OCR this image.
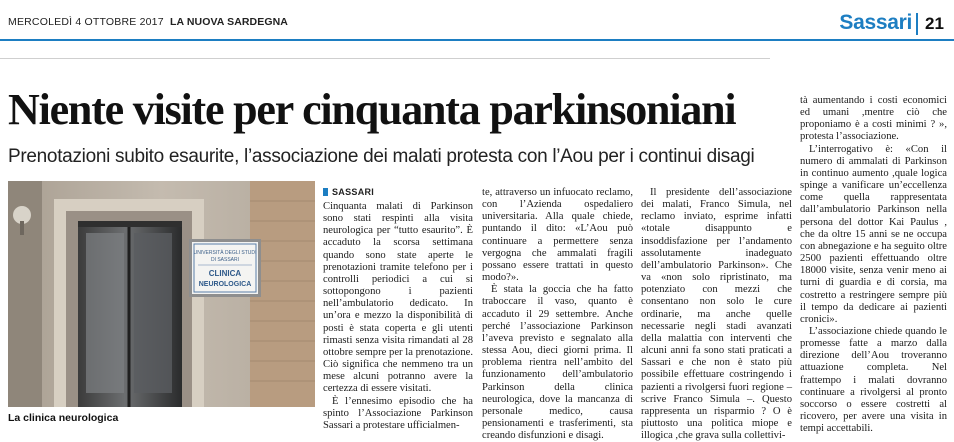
MERCOLEDÌ 4 OTTOBRE 2017 LA NUOVA SARDEGNA	Sassari 21
Niente visite per cinquanta parkinsoniani
Prenotazioni subito esaurite, l’associazione dei malati protesta con l’Aou per i continui disagi
UNIVERSITÀ DEGLI STUDI
DI SASSARI
CLINICA
NEUROLOGICA
La clinica neurologica
SASSARI

Cinquanta malati di Parkinson sono stati respinti alla visita neurologica per “tutto esaurito”. È accaduto la scorsa settimana quando sono state aperte le prenotazioni tramite telefono per i controlli periodici a cui si sottopongono i pazienti nell’ambulatorio dedicato. In un’ora e mezzo la disponibilità di posti è stata coperta e gli utenti rimasti senza visita rimandati al 28 ottobre sempre per la prenotazione. Ciò significa che nemmeno tra un mese alcuni potranno avere la certezza di essere visitati.

È l’ennesimo episodio che ha spinto l’Associazione Parkinson Sassari a protestare ufficialmen-

te, attraverso un infuocato reclamo, con l’Azienda ospedaliero universitaria. Alla quale chiede, puntando il dito: «L’Aou può continuare a permettere senza vergogna che ammalati fragili possano essere trattati in questo modo?».

È stata la goccia che ha fatto traboccare il vaso, quanto è accaduto il 29 settembre. Anche perché l’associazione Parkinson l’aveva previsto e segnalato alla stessa Aou, dieci giorni prima. Il problema rientra nell’ambito del funzionamento dell’ambulatorio Parkinson della clinica neurologica, dove la mancanza di personale medico, causa pensionamenti e trasferimenti, sta creando disfunzioni e disagi.

Il presidente dell’associazione dei malati, Franco Simula, nel reclamo inviato, esprime infatti «totale disappunto e insoddisfazione per l’andamento assolutamente inadeguato dell’ambulatorio Parkinson». Che va «non solo ripristinato, ma potenziato con mezzi che consentano non solo le cure ordinarie, ma anche quelle necessarie negli stadi avanzati della malattia con interventi che alcuni anni fa sono stati praticati a Sassari e che non è stato più possibile effettuare costringendo i pazienti a rivolgersi fuori regione – scrive Franco Simula –. Questo rappresenta un risparmio ? O è piuttosto una politica miope e illogica ,che grava sulla collettivi-

tà aumentando i costi economici ed umani ,mentre ciò che proponiamo è a costi minimi ? », protesta l’associazione.

L’interrogativo è: «Con il numero di ammalati di Parkinson in continuo aumento ,quale logica spinge a vanificare un’eccellenza come quella rappresentata dall’ambulatorio Parkinson nella persona del dottor Kai Paulus , che da oltre 15 anni se ne occupa con abnegazione e ha seguito oltre 2500 pazienti effettuando oltre 18000 visite, senza venir meno ai turni di guardia e di corsia, ma costretto a restringere sempre più il tempo da dedicare ai pazienti cronici».

L’associazione chiede quando le promesse fatte a marzo dalla direzione dell’Aou troveranno attuazione completa. Nel frattempo i malati dovranno continuare a rivolgersi al pronto soccorso o essere costretti al ricovero, per avere una visita in tempi accettabili.
